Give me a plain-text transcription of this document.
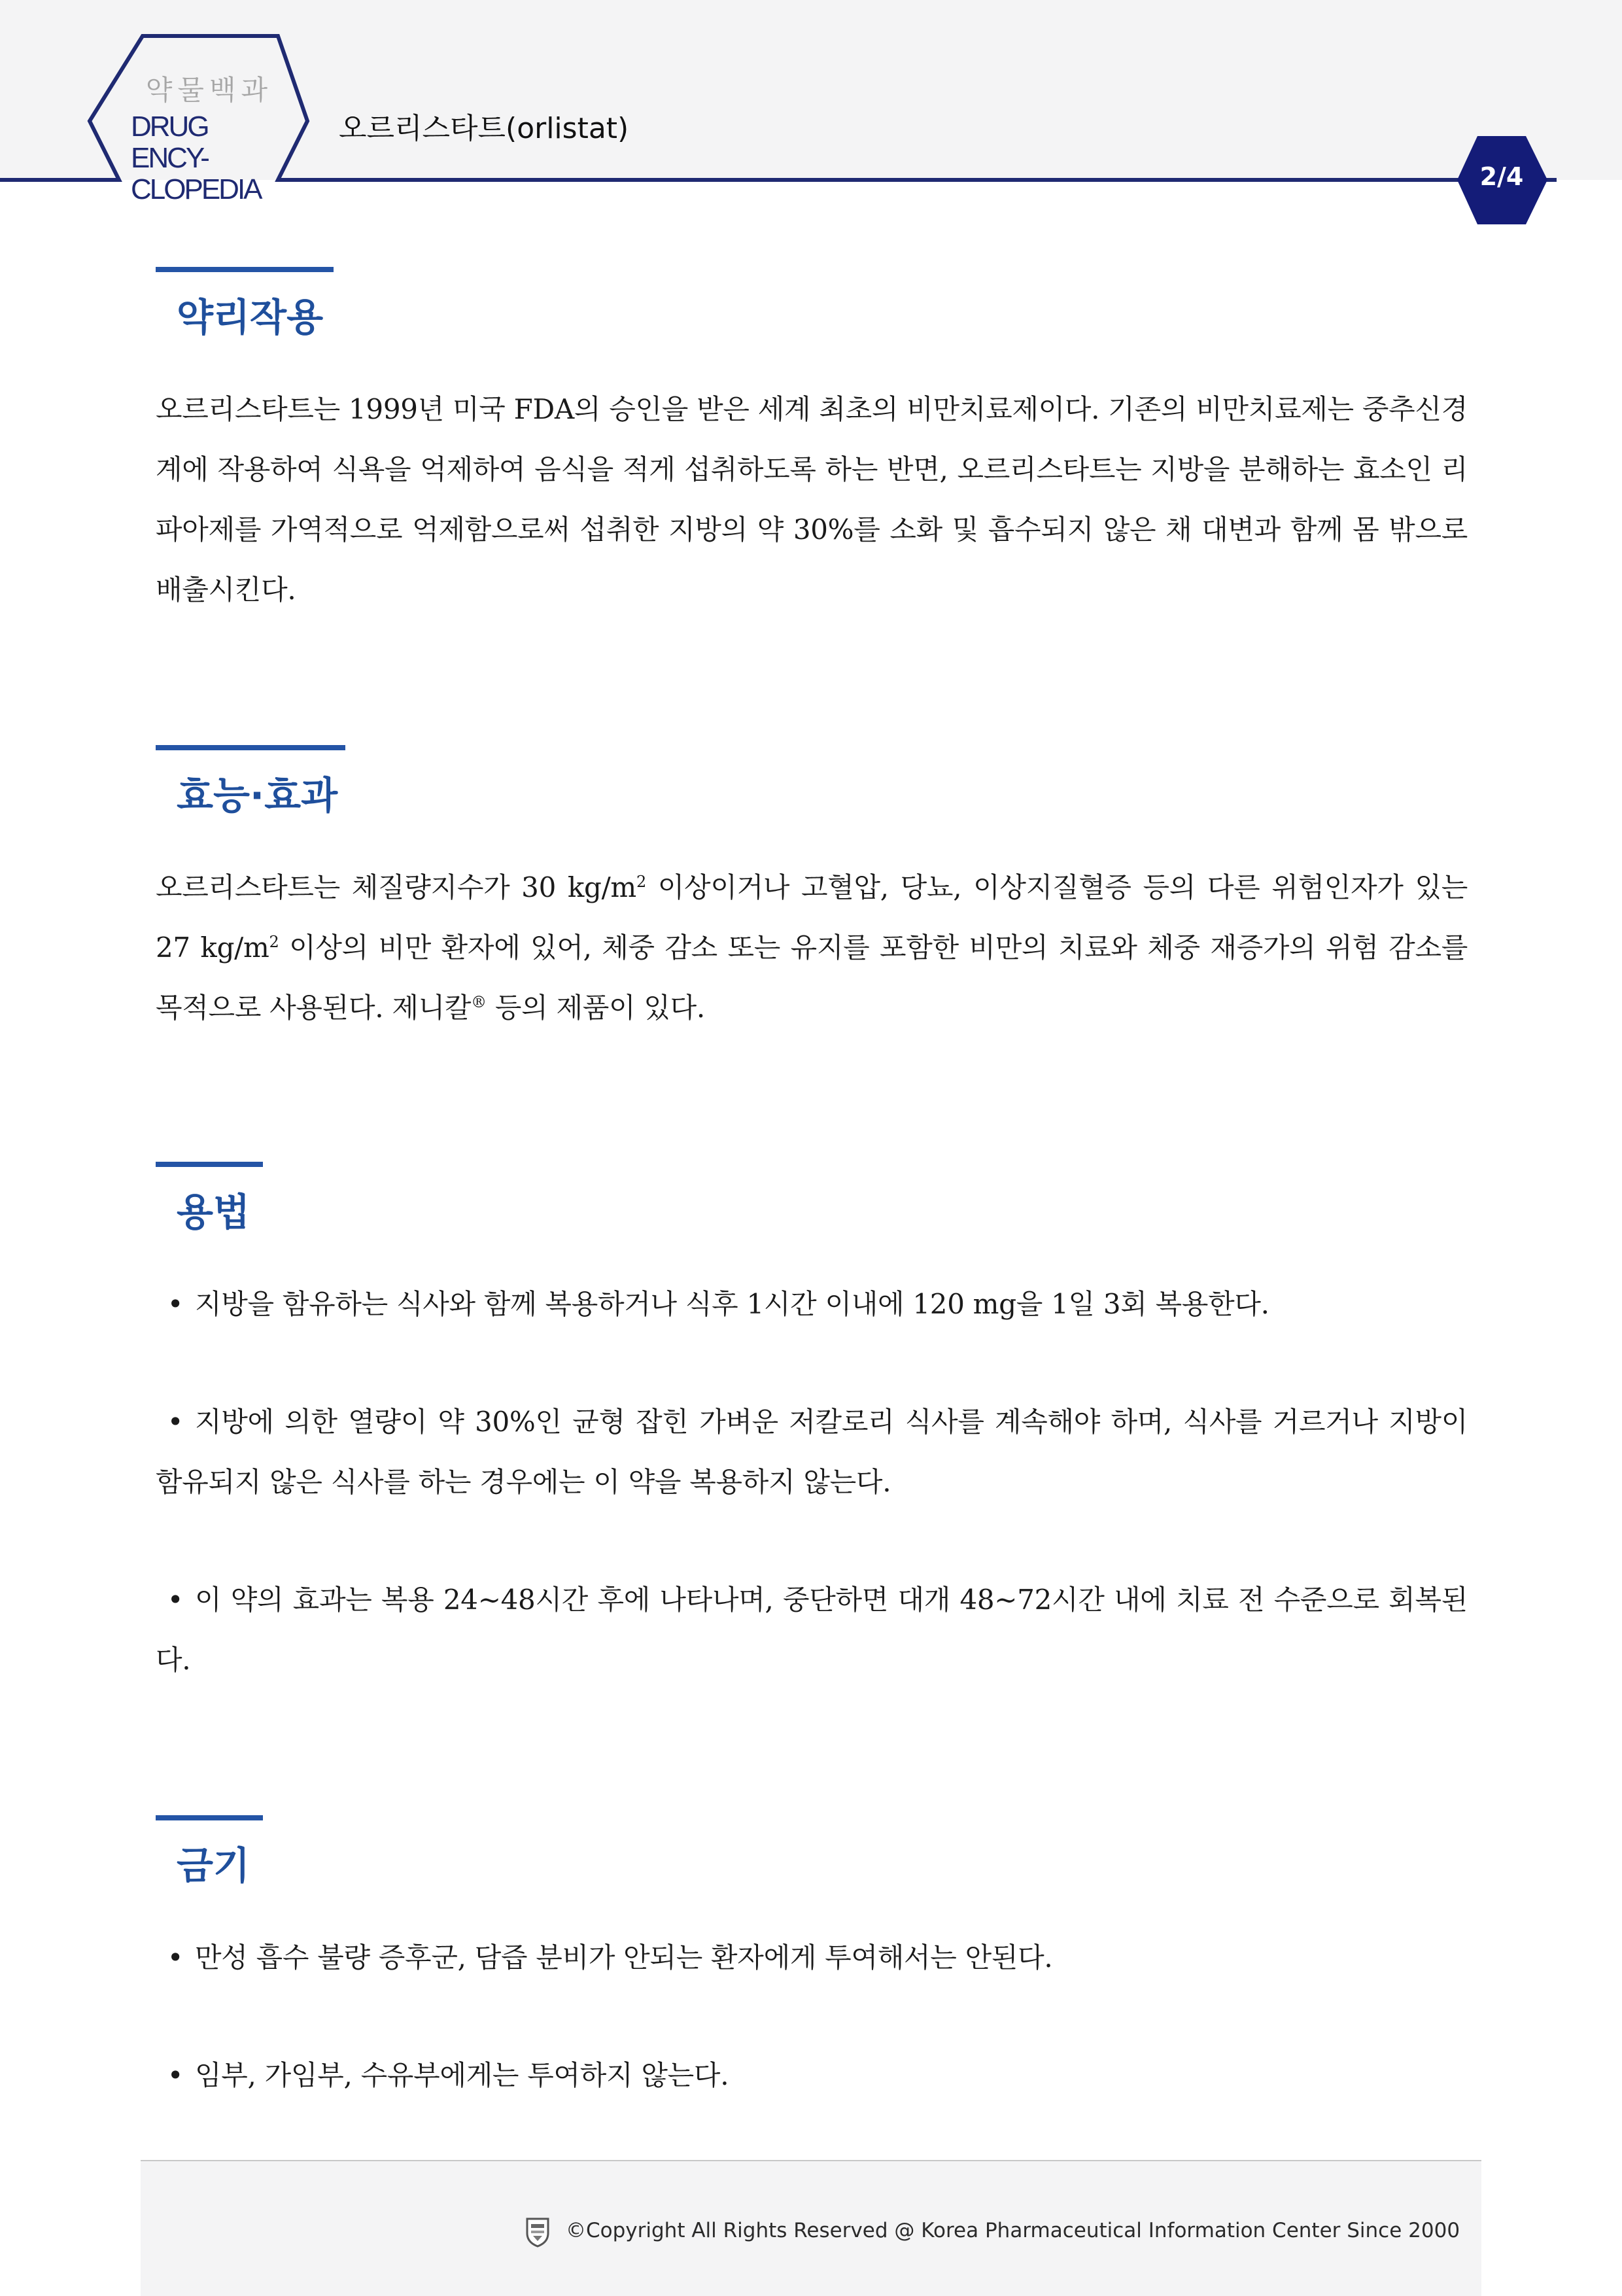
약물백과
DRUG ENCY-
CLOPEDIA
오르리스타트(orlistat)
2/4
약리작용

오르리스타트는 1999년 미국 FDA의 승인을 받은 세계 최초의 비만치료제이다. 기존의 비만치료제는 중추신경계에 작용하여 식욕을 억제하여 음식을 적게 섭취하도록 하는 반면, 오르리스타트는 지방을 분해하는 효소인 리파아제를 가역적으로 억제함으로써 섭취한 지방의 약 30%를 소화 및 흡수되지 않은 채 대변과 함께 몸 밖으로 배출시킨다.

효능·효과

오르리스타트는 체질량지수가 30 $kg/m^2$ 이상이거나 고혈압, 당뇨, 이상지질혈증 등의 다른 위험인자가 있는 27 $kg/m^2$ 이상의 비만 환자에 있어, 체중 감소 또는 유지를 포함한 비만의 치료와 체중 재증가의 위험 감소를 목적으로 사용된다. 제니칼® 등의 제품이 있다.

용법

• 지방을 함유하는 식사와 함께 복용하거나 식후 1시간 이내에 120 mg을 1일 3회 복용한다.

• 지방에 의한 열량이 약 30%인 균형 잡힌 가벼운 저칼로리 식사를 계속해야 하며, 식사를 거르거나 지방이 함유되지 않은 식사를 하는 경우에는 이 약을 복용하지 않는다.

• 이 약의 효과는 복용 24~48시간 후에 나타나며, 중단하면 대개 48~72시간 내에 치료 전 수준으로 회복된다.

금기

• 만성 흡수 불량 증후군, 담즙 분비가 안되는 환자에게 투여해서는 안된다.

• 임부, 가임부, 수유부에게는 투여하지 않는다.

©Copyright All Rights Reserved @ Korea Pharmaceutical Information Center Since 2000
